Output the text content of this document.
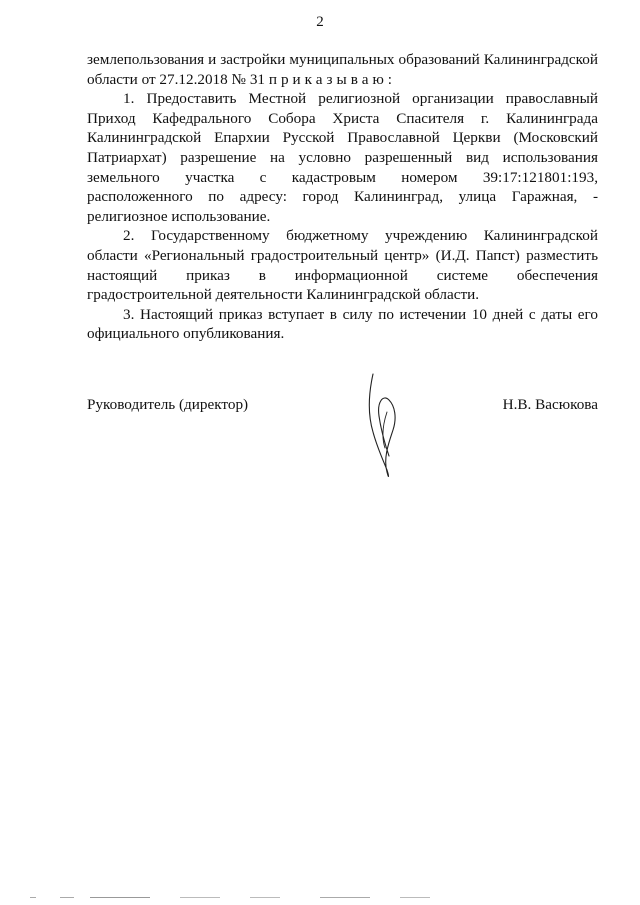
2

землепользования и застройки муниципальных образований Калининградской

области от 27.12.2018 № 31 приказываю:

1. Предоставить Местной религиозной организации православный Приход Кафедрального Собора Христа Спасителя г. Калининграда Калининградской Епархии Русской Православной Церкви (Московский Патриархат) разрешение на условно разрешенный вид использования земельного участка с кадастровым номером 39:17:121801:193, расположенного по адресу: город Калининград, улица Гаражная, - религиозное использование.

2. Государственному бюджетному учреждению Калининградской области «Региональный градостроительный центр» (И.Д. Папст) разместить настоящий приказ в информационной системе обеспечения градостроительной деятельности Калининградской области.

3. Настоящий приказ вступает в силу по истечении 10 дней с даты его официального опубликования.

Руководитель (директор)	Н.В. Васюкова
